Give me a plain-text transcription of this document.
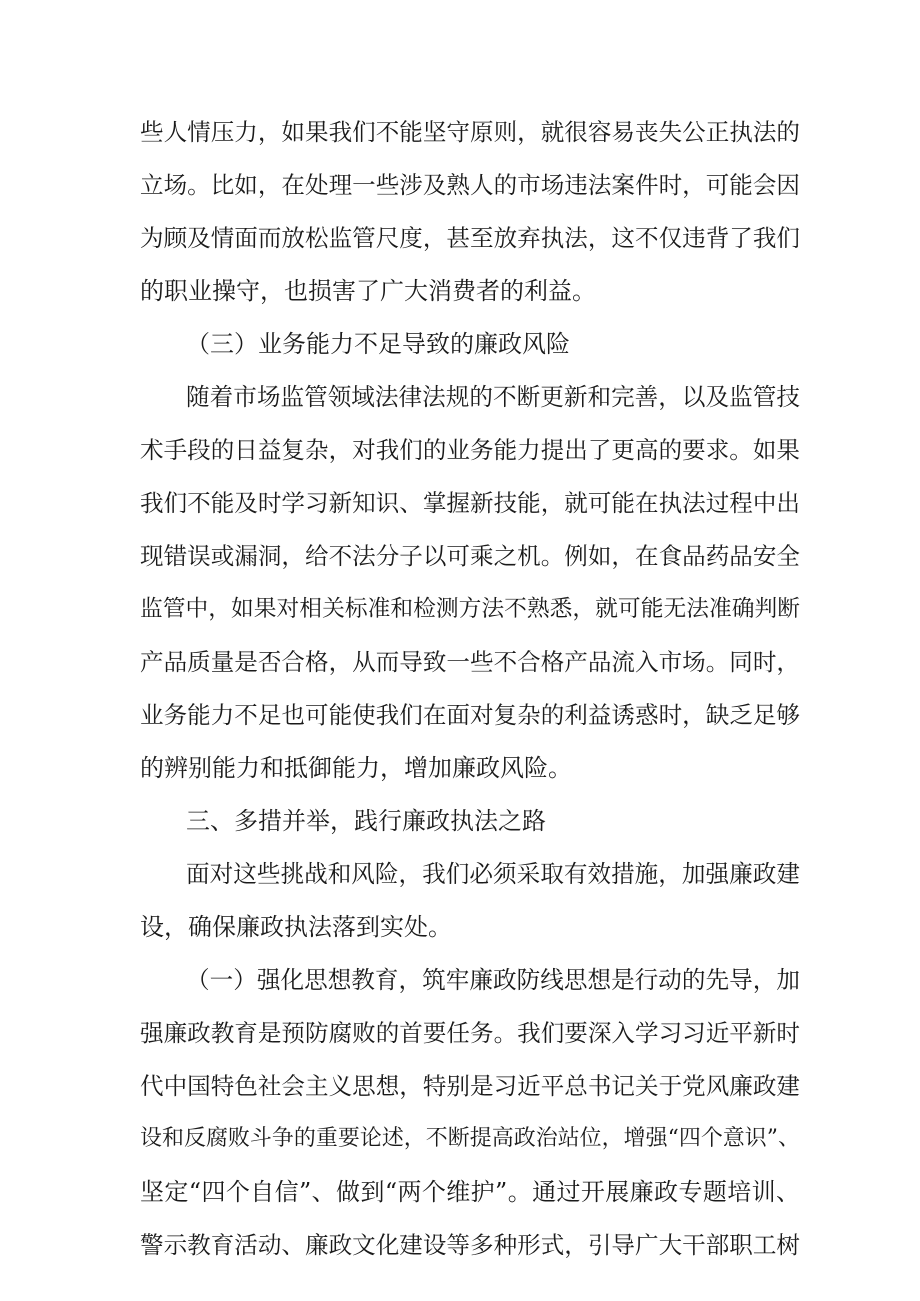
些人情压力，如果我们不能坚守原则，就很容易丧失公正执法的
立场。比如，在处理一些涉及熟人的市场违法案件时，可能会因
为顾及情面而放松监管尺度，甚至放弃执法，这不仅违背了我们
的职业操守，也损害了广大消费者的利益。
（三）业务能力不足导致的廉政风险
随着市场监管领域法律法规的不断更新和完善，以及监管技
术手段的日益复杂，对我们的业务能力提出了更高的要求。如果
我们不能及时学习新知识、掌握新技能，就可能在执法过程中出
现错误或漏洞，给不法分子以可乘之机。例如，在食品药品安全
监管中，如果对相关标准和检测方法不熟悉，就可能无法准确判断
产品质量是否合格，从而导致一些不合格产品流入市场。同时，
业务能力不足也可能使我们在面对复杂的利益诱惑时，缺乏足够
的辨别能力和抵御能力，增加廉政风险。
三、多措并举，践行廉政执法之路
面对这些挑战和风险，我们必须采取有效措施，加强廉政建
设，确保廉政执法落到实处。
（一）强化思想教育，筑牢廉政防线思想是行动的先导，加
强廉政教育是预防腐败的首要任务。我们要深入学习习近平新时
代中国特色社会主义思想，特别是习近平总书记关于党风廉政建
设和反腐败斗争的重要论述，不断提高政治站位，增强“四个意识”、
坚定“四个自信”、做到“两个维护”。通过开展廉政专题培训、
警示教育活动、廉政文化建设等多种形式，引导广大干部职工树
